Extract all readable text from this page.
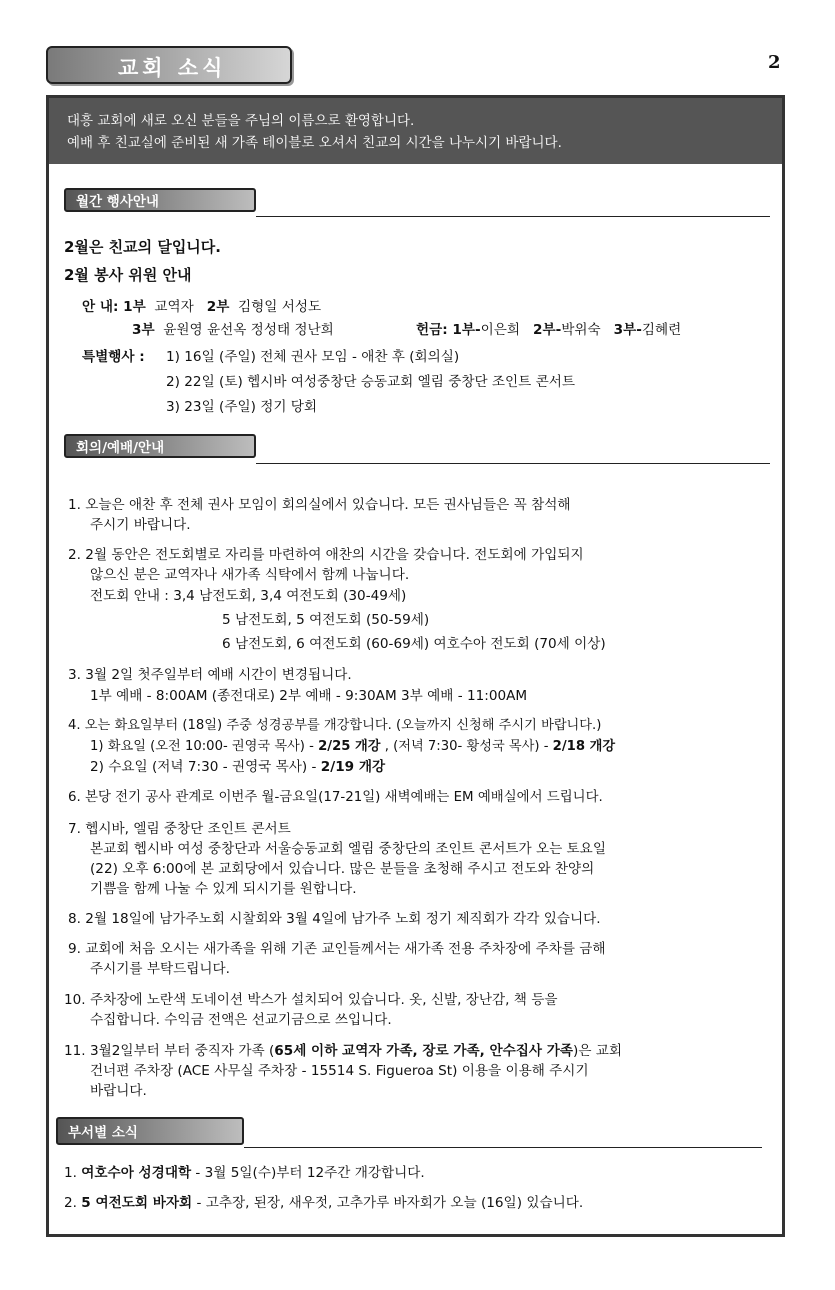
교회 소식	2
대흥 교회에 새로 오신 분들을 주님의 이름으로 환영합니다.
예배 후 친교실에 준비된 새 가족 테이블로 오셔서 친교의 시간을 나누시기 바랍니다.
월간 행사안내
2월은 친교의 달입니다.
2월 봉사 위원 안내
안 내: 1부 교역자 2부 김형일 서성도
3부 윤원영 윤선옥 정성태 정난희	헌금: 1부-이은희 2부-박위숙 3부-김혜련
특별행사 : 1) 16일 (주일) 전체 권사 모임 - 애찬 후 (회의실)
2) 22일 (토) 헵시바 여성중창단 승동교회 엘림 중창단 조인트 콘서트
3) 23일 (주일) 정기 당회
회의/예배/안내
1. 오늘은 애찬 후 전체 권사 모임이 회의실에서 있습니다. 모든 권사님들은 꼭 참석해
주시기 바랍니다.
2. 2월 동안은 전도회별로 자리를 마련하여 애찬의 시간을 갖습니다. 전도회에 가입되지
않으신 분은 교역자나 새가족 식탁에서 함께 나눕니다.
전도회 안내 : 3,4 남전도회, 3,4 여전도회 (30-49세)
5 남전도회, 5 여전도회 (50-59세)
6 남전도회, 6 여전도회 (60-69세) 여호수아 전도회 (70세 이상)
3. 3월 2일 첫주일부터 예배 시간이 변경됩니다.
1부 예배 - 8:00AM (종전대로) 2부 예배 - 9:30AM 3부 예배 - 11:00AM
4. 오는 화요일부터 (18일) 주중 성경공부를 개강합니다. (오늘까지 신청해 주시기 바랍니다.)
1) 화요일 (오전 10:00- 권영국 목사) - 2/25 개강 , (저녁 7:30- 황성국 목사) - 2/18 개강
2) 수요일 (저녁 7:30 - 권영국 목사) - 2/19 개강
6. 본당 전기 공사 관계로 이번주 월-금요일(17-21일) 새벽예배는 EM 예배실에서 드립니다.
7. 헵시바, 엘림 중창단 조인트 콘서트
본교회 헵시바 여성 중창단과 서울승동교회 엘림 중창단의 조인트 콘서트가 오는 토요일
(22) 오후 6:00에 본 교회당에서 있습니다. 많은 분들을 초청해 주시고 전도와 찬양의
기쁨을 함께 나눌 수 있게 되시기를 원합니다.
8. 2월 18일에 남가주노회 시찰회와 3월 4일에 남가주 노회 정기 제직회가 각각 있습니다.
9. 교회에 처음 오시는 새가족을 위해 기존 교인들께서는 새가족 전용 주차장에 주차를 금해
주시기를 부탁드립니다.
10. 주차장에 노란색 도네이션 박스가 설치되어 있습니다. 옷, 신발, 장난감, 책 등을
수집합니다. 수익금 전액은 선교기금으로 쓰입니다.
11. 3월2일부터 부터 중직자 가족 (65세 이하 교역자 가족, 장로 가족, 안수집사 가족)은 교회
건너편 주차장 (ACE 사무실 주차장 - 15514 S. Figueroa St) 이용을 이용해 주시기
바랍니다.
부서별 소식
1. 여호수아 성경대학 - 3월 5일(수)부터 12주간 개강합니다.
2. 5 여전도회 바자회 - 고추장, 된장, 새우젓, 고추가루 바자회가 오늘 (16일) 있습니다.
